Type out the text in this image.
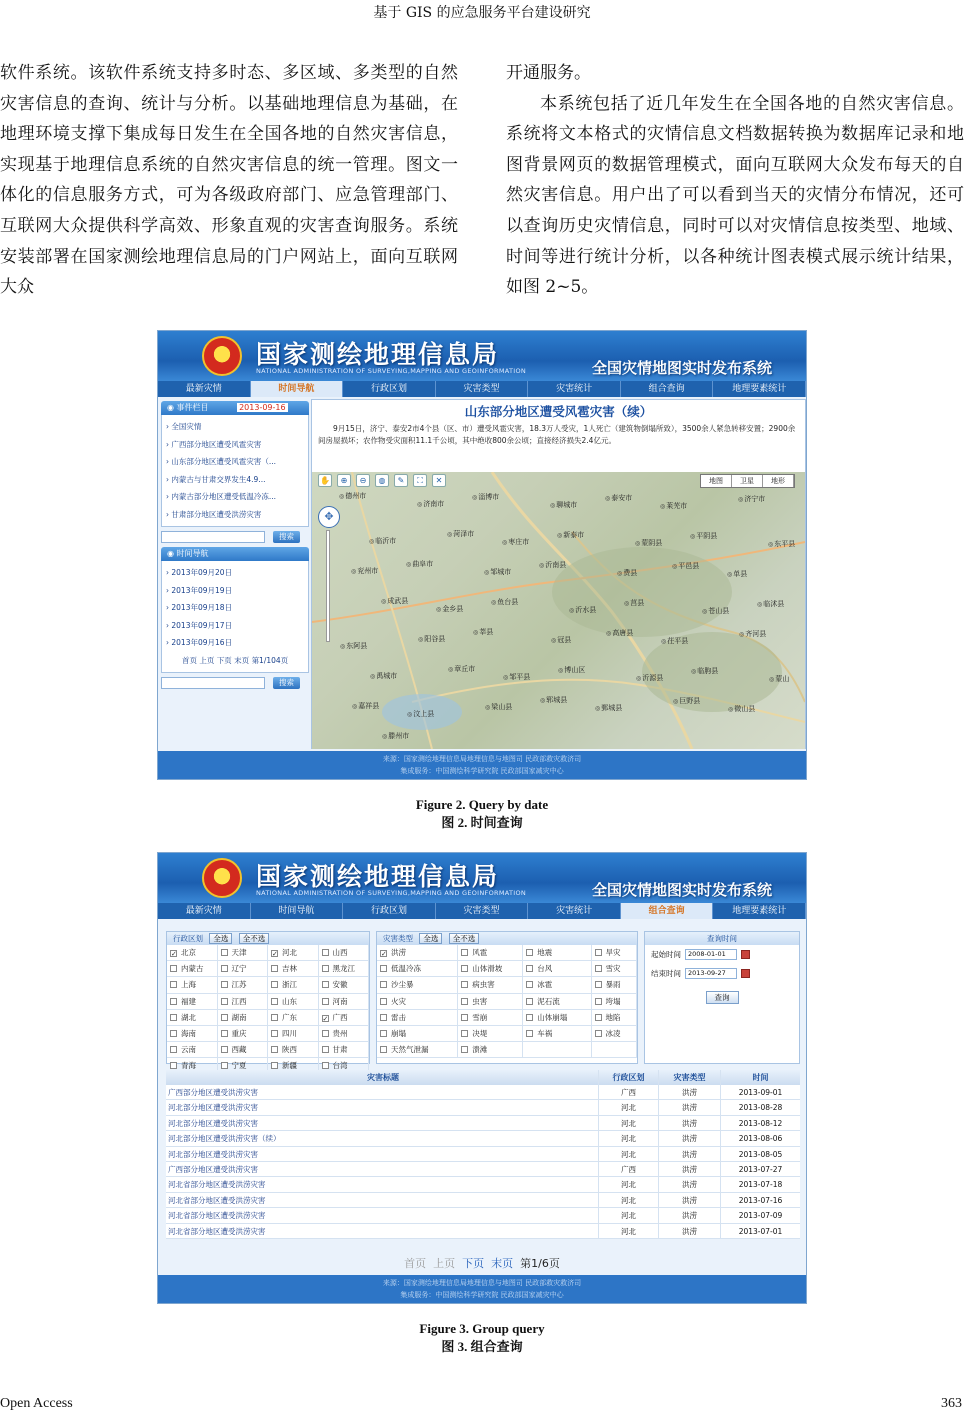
基于 GIS 的应急服务平台建设研究

软件系统。该软件系统支持多时态、多区域、多类型的自然灾害信息的查询、统计与分析。以基础地理信息为基础，在地理环境支撑下集成每日发生在全国各地的自然灾害信息，实现基于地理信息系统的自然灾害信息的统一管理。图文一体化的信息服务方式，可为各级政府部门、应急管理部门、互联网大众提供科学高效、形象直观的灾害查询服务。系统安装部署在国家测绘地理信息局的门户网站上，面向互联网大众

开通服务。

本系统包括了近几年发生在全国各地的自然灾害信息。系统将文本格式的灾情信息文档数据转换为数据库记录和地图背景网页的数据管理模式，面向互联网大众发布每天的自然灾害信息。用户出了可以看到当天的灾情分布情况，还可以查询历史灾情信息，同时可以对灾情信息按类型、地域、时间等进行统计分析，以各种统计图表模式展示统计结果，如图 2~5。

国家测绘地理信息局
NATIONAL ADMINISTRATION OF SURVEYING,MAPPING AND GEOINFORMATION	全国灾情地图实时发布系统
最新灾情	时间导航	行政区划	灾害类型	灾害统计	组合查询	地理要素统计
◉ 事件栏目	2013-09-16
› 全国灾情
› 广西部分地区遭受风雹灾害
› 山东部分地区遭受风雹灾害（...
› 内蒙古与甘肃交界发生4.9...
› 内蒙古部分地区遭受低温冷冻...
› 甘肃部分地区遭受洪涝灾害
搜索
◉ 时间导航
› 2013年09月20日
› 2013年09月19日
› 2013年09月18日
› 2013年09月17日
› 2013年09月16日
首页 上页 下页 末页 第1/104页
搜索
山东部分地区遭受风雹灾害（续）
9月15日，济宁、泰安2市4个县（区、市）遭受风雹灾害，18.3万人受灾，1人死亡（建筑物倒塌所致），3500余人紧急转移安置；2900余间房屋损坏；农作物受灾面积11.1千公顷，其中绝收800余公顷；直接经济损失2.4亿元。
✋	⊕	⊖	◍	✎	⛶	✕	地图	卫星	地形
✥
◎ 德州市
◎ 济南市
◎ 淄博市
◎ 聊城市
◎ 泰安市
◎ 莱芜市
◎ 济宁市
◎ 临沂市
◎ 菏泽市
◎ 枣庄市
◎ 新泰市
◎ 蒙阴县
◎ 平阴县
◎ 东平县
◎ 兖州市
◎ 曲阜市
◎ 邹城市
◎ 沂南县
◎ 费县
◎ 平邑县
◎ 单县
◎ 成武县
◎ 金乡县
◎ 鱼台县
◎ 沂水县
◎ 莒县
◎ 苍山县
◎ 临沭县
◎ 东阿县
◎ 阳谷县
◎ 莘县
◎ 冠县
◎ 高唐县
◎ 茌平县
◎ 齐河县
◎ 禹城市
◎ 章丘市
◎ 邹平县
◎ 博山区
◎ 沂源县
◎ 临朐县
◎ 蒙山
◎ 嘉祥县
◎ 汶上县
◎ 梁山县
◎ 郓城县
◎ 鄄城县
◎ 巨野县
◎ 微山县
◎ 滕州市
来源：国家测绘地理信息局地理信息与地图司 民政部救灾救济司
集成服务：中国测绘科学研究院 民政部国家减灾中心
Figure 2. Query by date
图 2. 时间查询
国家测绘地理信息局
NATIONAL ADMINISTRATION OF SURVEYING,MAPPING AND GEOINFORMATION	全国灾情地图实时发布系统
最新灾情	时间导航	行政区划	灾害类型	灾害统计	组合查询	地理要素统计
行政区划 全选 全不选
✓北京	天津 ✓	河北	山西
内蒙古	辽宁	吉林	黑龙江
上海	江苏	浙江	安徽
福建	江西	山东	河南
湖北	湖南	广东 ✓	广西
海南	重庆	四川	贵州
云南	西藏	陕西	甘肃
青海	宁夏	新疆	台湾
灾害类型 全选 全不选
✓洪涝	风雹	地震	旱灾
低温冷冻	山体滑坡	台风	雪灾
沙尘暴	病虫害	冰雹	暴雨
火灾	虫害	泥石流	垮塌
雷击	雪崩	山体崩塌	地陷
崩塌	决堤	车祸	冰凌
天然气泄漏	溃滩
查询时间
起始时间	2008-01-01
结束时间	2013-09-27
查询
灾害标题	行政区划	灾害类型	时间
广西部分地区遭受洪涝灾害	广西	洪涝	2013-09-01
河北部分地区遭受洪涝灾害	河北	洪涝	2013-08-28
河北部分地区遭受洪涝灾害	河北	洪涝	2013-08-12
河北部分地区遭受洪涝灾害（续）	河北	洪涝	2013-08-06
河北部分地区遭受洪涝灾害	河北	洪涝	2013-08-05
广西部分地区遭受洪涝灾害	广西	洪涝	2013-07-27
河北省部分地区遭受洪涝灾害	河北	洪涝	2013-07-18
河北省部分地区遭受洪涝灾害	河北	洪涝	2013-07-16
河北省部分地区遭受洪涝灾害	河北	洪涝	2013-07-09
河北省部分地区遭受洪涝灾害	河北	洪涝	2013-07-01
首页 上页 下页 末页 第1/6页
来源：国家测绘地理信息局地理信息与地图司 民政部救灾救济司
集成服务：中国测绘科学研究院 民政部国家减灾中心
Figure 3. Group query
图 3. 组合查询
Open Access	363
